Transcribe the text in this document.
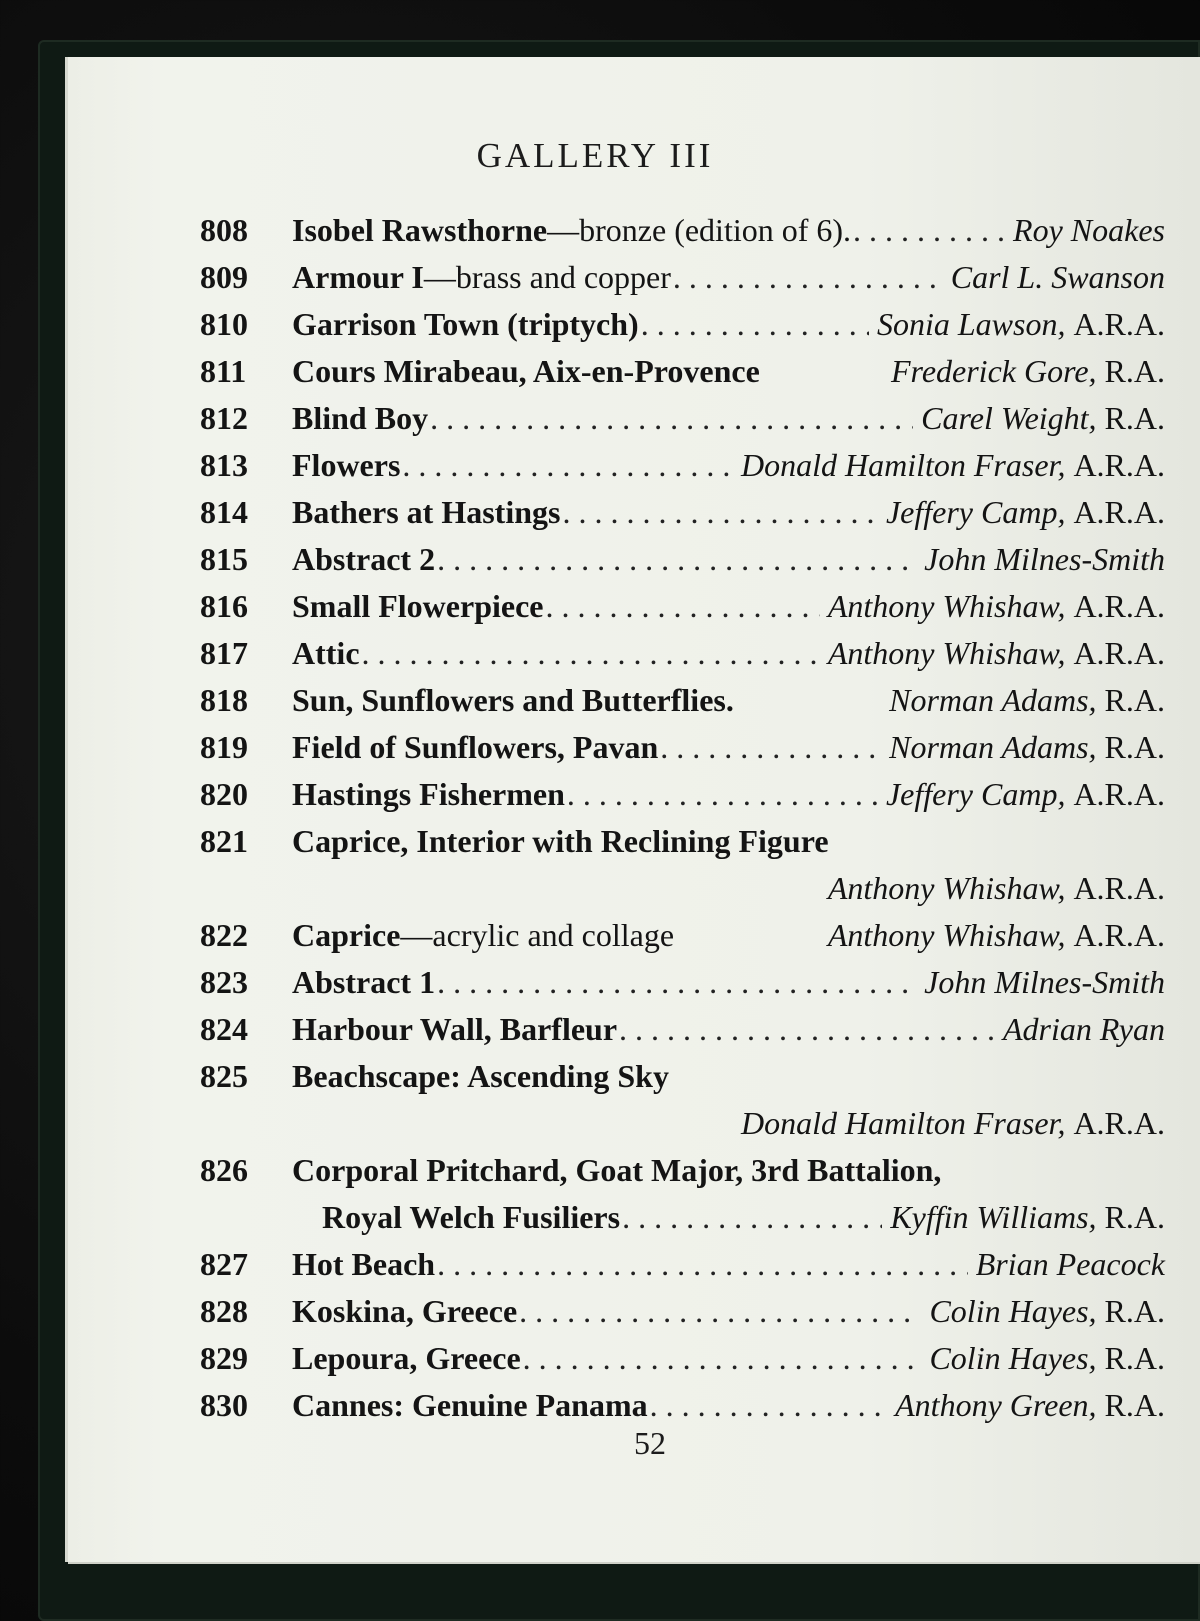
GALLERY III
808	Isobel Rawsthorne —bronze (edition of 6). . . .	Roy Noakes
809	Armour I —brass and copper . . .	Carl L. Swanson
810	Garrison Town (triptych) . . .	Sonia Lawson, A.R.A.
811	Cours Mirabeau, Aix-en-Provence	Frederick Gore, R.A.
812	Blind Boy . . .	Carel Weight, R.A.
813	Flowers . . .	Donald Hamilton Fraser, A.R.A.
814	Bathers at Hastings . . .	Jeffery Camp, A.R.A.
815	Abstract 2 . . .	John Milnes-Smith
816	Small Flowerpiece . . .	Anthony Whishaw, A.R.A.
817	Attic . . .	Anthony Whishaw, A.R.A.
818	Sun, Sunflowers and Butterflies.	Norman Adams, R.A.
819	Field of Sunflowers, Pavan . . .	Norman Adams, R.A.
820	Hastings Fishermen . . .	Jeffery Camp, A.R.A.
821	Caprice, Interior with Reclining Figure
Anthony Whishaw, A.R.A.
822	Caprice —acrylic and collage	Anthony Whishaw, A.R.A.
823	Abstract 1 . . .	John Milnes-Smith
824	Harbour Wall, Barfleur . . .	Adrian Ryan
825	Beachscape: Ascending Sky
Donald Hamilton Fraser, A.R.A.
826	Corporal Pritchard, Goat Major, 3rd Battalion,
Royal Welch Fusiliers . . .	Kyffin Williams, R.A.
827	Hot Beach . . .	Brian Peacock
828	Koskina, Greece . . .	Colin Hayes, R.A.
829	Lepoura, Greece . . .	Colin Hayes, R.A.
830	Cannes: Genuine Panama . . .	Anthony Green, R.A.
52
